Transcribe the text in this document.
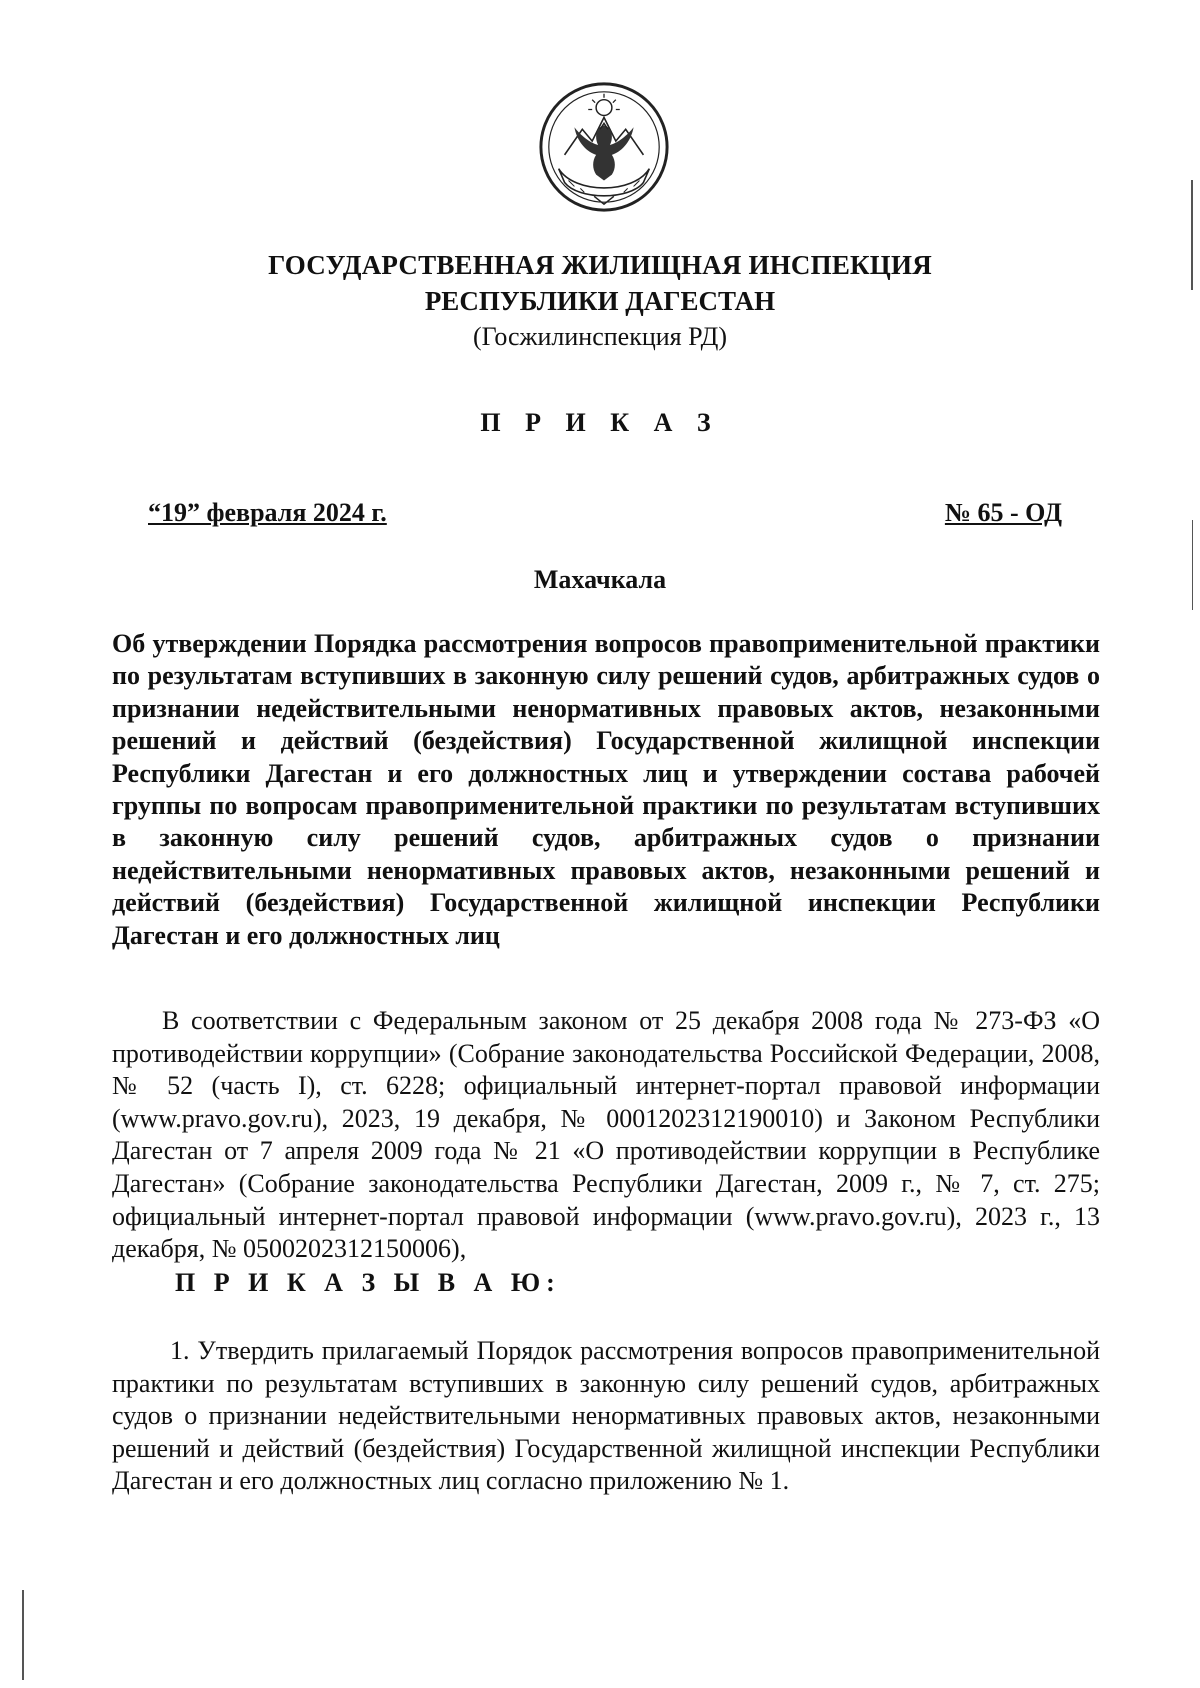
ГОСУДАРСТВЕННАЯ ЖИЛИЩНАЯ ИНСПЕКЦИЯ
РЕСПУБЛИКИ ДАГЕСТАН
(Госжилинспекция РД)
П Р И К А З
“19” февраля 2024 г.	№ 65 - ОД
Махачкала

Об утверждении Порядка рассмотрения вопросов правоприменительной практики по результатам вступивших в законную силу решений судов, арбитражных судов о признании недействительными ненормативных правовых актов, незаконными решений и действий (бездействия) Государственной жилищной инспекции Республики Дагестан и его должностных лиц и утверждении состава рабочей группы по вопросам правоприменительной практики по результатам вступивших в законную силу решений судов, арбитражных судов о признании недействительными ненормативных правовых актов, незаконными решений и действий (бездействия) Государственной жилищной инспекции Республики Дагестан и его должностных лиц

В соответствии с Федеральным законом от 25 декабря 2008 года № 273-ФЗ «О противодействии коррупции» (Собрание законодательства Российской Федерации, 2008, № 52 (часть I), ст. 6228; официальный интернет-портал правовой информации (www.pravo.gov.ru), 2023, 19 декабря, № 0001202312190010) и Законом Республики Дагестан от 7 апреля 2009 года № 21 «О противодействии коррупции в Республике Дагестан» (Собрание законодательства Республики Дагестан, 2009 г., № 7, ст. 275; официальный интернет-портал правовой информации (www.pravo.gov.ru), 2023 г., 13 декабря, № 0500202312150006),

П Р И К А З Ы В А Ю:

1. Утвердить прилагаемый Порядок рассмотрения вопросов правоприменительной практики по результатам вступивших в законную силу решений судов, арбитражных судов о признании недействительными ненормативных правовых актов, незаконными решений и действий (бездействия) Государственной жилищной инспекции Республики Дагестан и его должностных лиц согласно приложению № 1.
